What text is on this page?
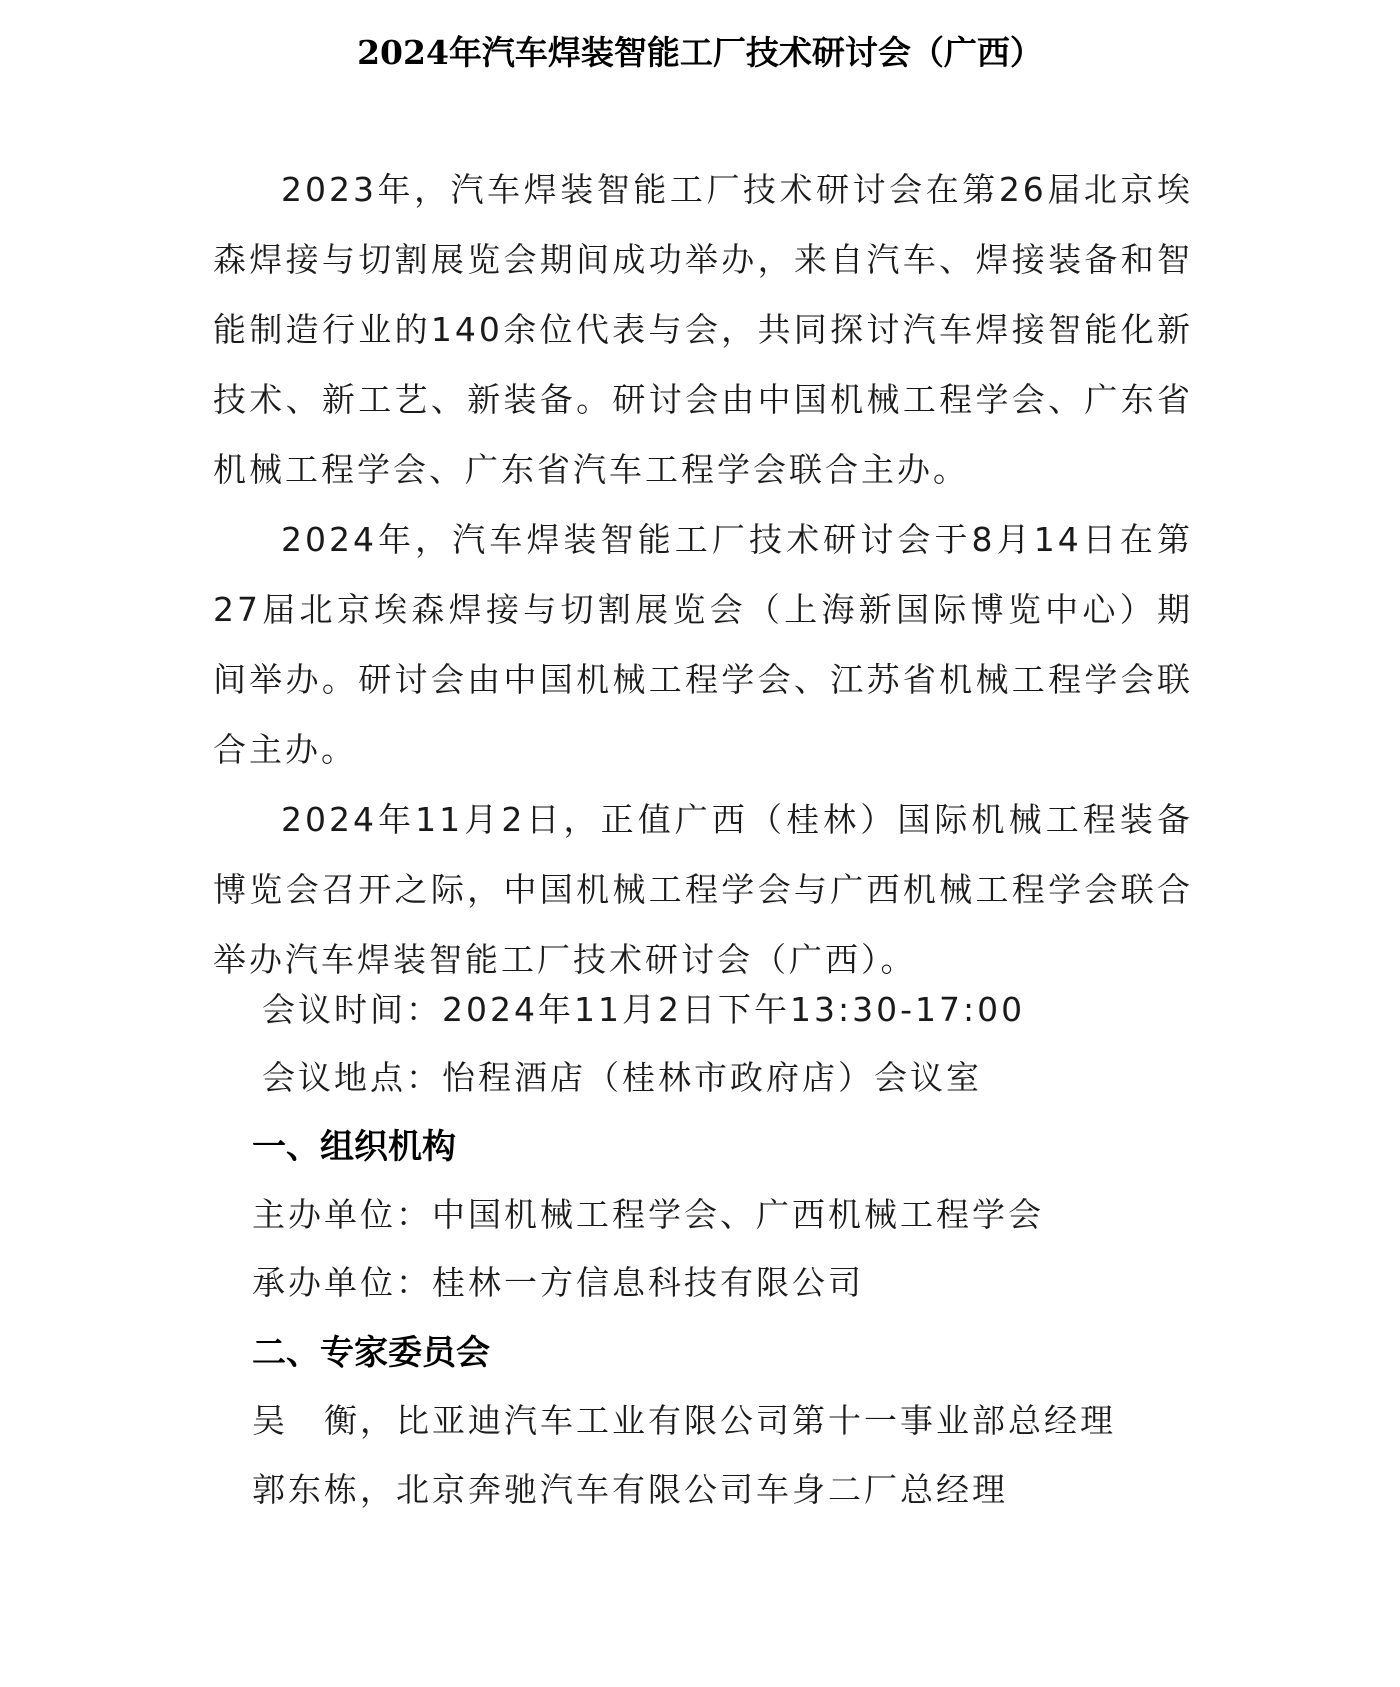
2024年汽车焊装智能工厂技术研讨会（广西）

2023年，汽车焊装智能工厂技术研讨会在第26届北京埃森焊接与切割展览会期间成功举办，来自汽车、焊接装备和智能制造行业的140余位代表与会，共同探讨汽车焊接智能化新技术、新工艺、新装备。研讨会由中国机械工程学会、广东省机械工程学会、广东省汽车工程学会联合主办。

2024年，汽车焊装智能工厂技术研讨会于8月14日在第27届北京埃森焊接与切割展览会（上海新国际博览中心）期间举办。研讨会由中国机械工程学会、江苏省机械工程学会联合主办。

2024年11月2日，正值广西（桂林）国际机械工程装备博览会召开之际，中国机械工程学会与广西机械工程学会联合举办汽车焊装智能工厂技术研讨会（广西）。

会议时间：2024年11月2日下午13:30-17:00
会议地点：怡程酒店（桂林市政府店）会议室
一、组织机构
主办单位：中国机械工程学会、广西机械工程学会
承办单位：桂林一方信息科技有限公司
二、专家委员会
吴　衡，比亚迪汽车工业有限公司第十一事业部总经理
郭东栋，北京奔驰汽车有限公司车身二厂总经理
